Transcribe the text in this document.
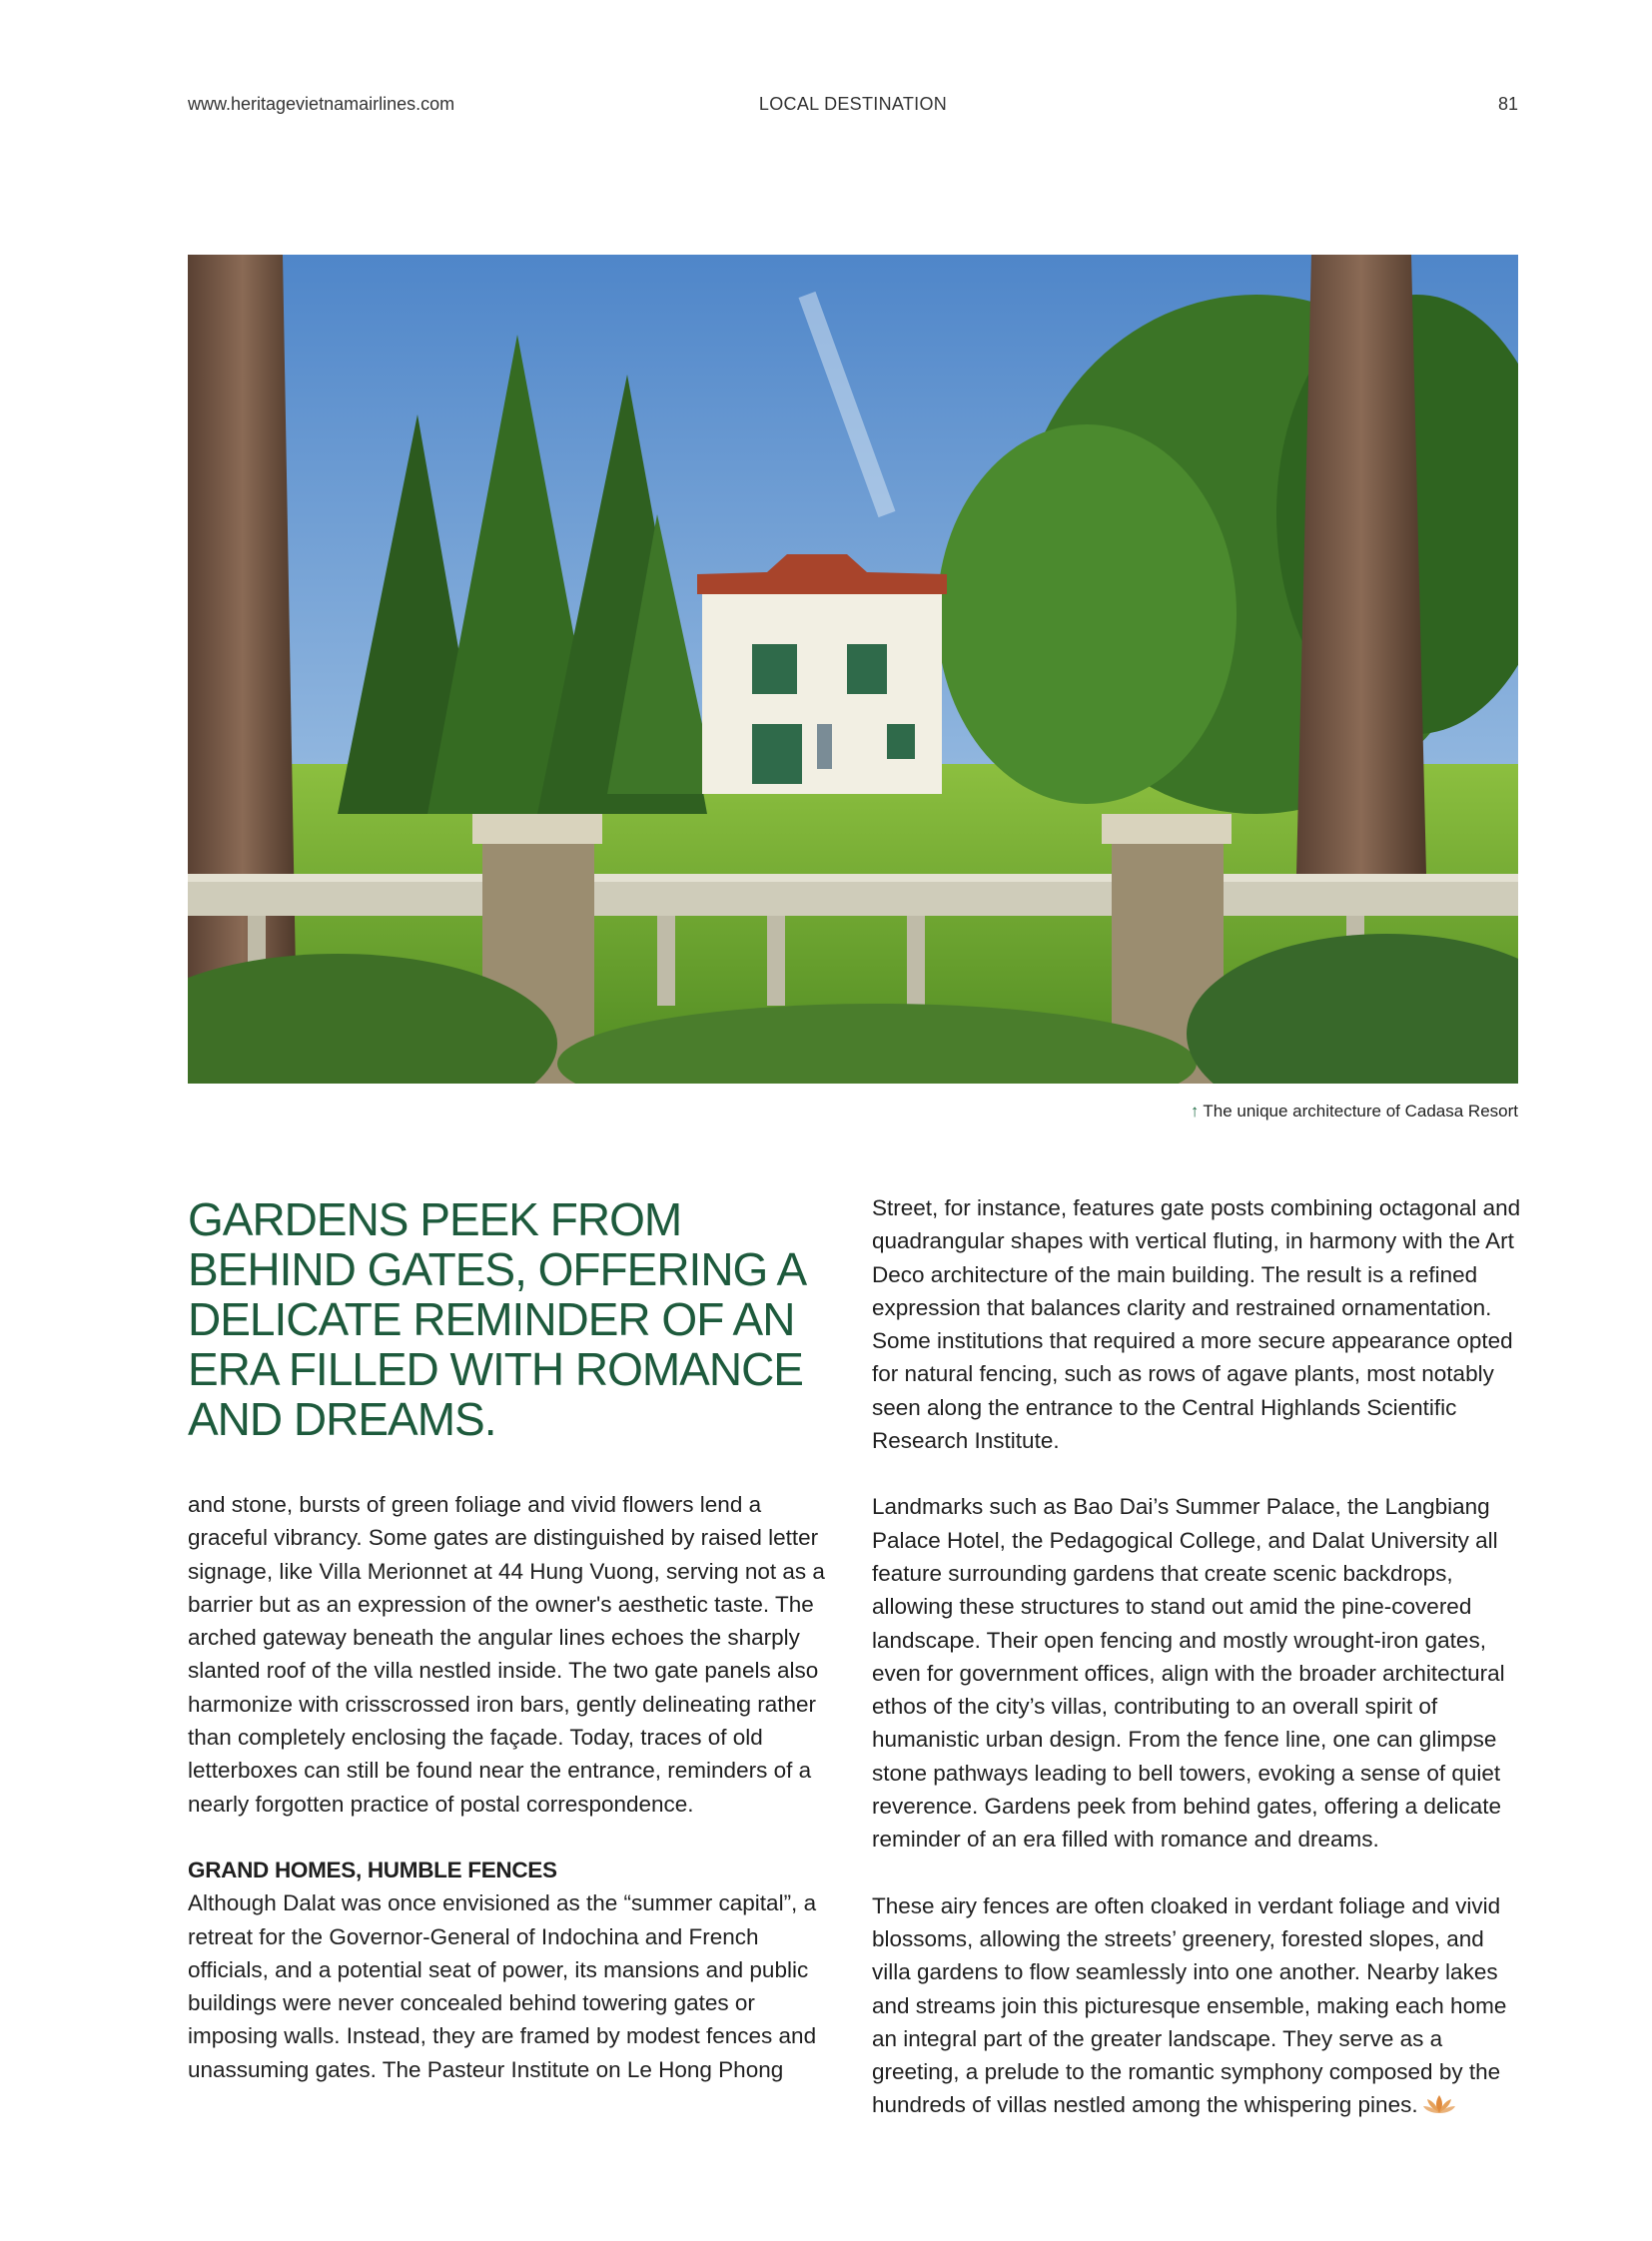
www.heritagevietnamairlines.com	LOCAL DESTINATION	81
↑ The unique architecture of Cadasa Resort
GARDENS PEEK FROM BEHIND GATES, OFFERING A DELICATE REMINDER OF AN ERA FILLED WITH ROMANCE AND DREAMS.

and stone, bursts of green foliage and vivid flowers lend a graceful vibrancy. Some gates are distinguished by raised letter signage, like Villa Merionnet at 44 Hung Vuong, serving not as a barrier but as an expression of the owner's aesthetic taste. The arched gateway beneath the angular lines echoes the sharply slanted roof of the villa nestled inside. The two gate panels also harmonize with crisscrossed iron bars, gently delineating rather than completely enclosing the façade. Today, traces of old letterboxes can still be found near the entrance, reminders of a nearly forgotten practice of postal correspondence.

GRAND HOMES, HUMBLE FENCES

Although Dalat was once envisioned as the “summer capital”, a retreat for the Governor-General of Indochina and French officials, and a potential seat of power, its mansions and public buildings were never concealed behind towering gates or imposing walls. Instead, they are framed by modest fences and unassuming gates. The Pasteur Institute on Le Hong Phong

Street, for instance, features gate posts combining octagonal and quadrangular shapes with vertical fluting, in harmony with the Art Deco architecture of the main building. The result is a refined expression that balances clarity and restrained ornamentation. Some institutions that required a more secure appearance opted for natural fencing, such as rows of agave plants, most notably seen along the entrance to the Central Highlands Scientific Research Institute.

Landmarks such as Bao Dai’s Summer Palace, the Langbiang Palace Hotel, the Pedagogical College, and Dalat University all feature surrounding gardens that create scenic backdrops, allowing these structures to stand out amid the pine-covered landscape. Their open fencing and mostly wrought-iron gates, even for government offices, align with the broader architectural ethos of the city’s villas, contributing to an overall spirit of humanistic urban design. From the fence line, one can glimpse stone pathways leading to bell towers, evoking a sense of quiet reverence. Gardens peek from behind gates, offering a delicate reminder of an era filled with romance and dreams.

These airy fences are often cloaked in verdant foliage and vivid blossoms, allowing the streets’ greenery, forested slopes, and villa gardens to flow seamlessly into one another. Nearby lakes and streams join this picturesque ensemble, making each home an integral part of the greater landscape. They serve as a greeting, a prelude to the romantic symphony composed by the hundreds of villas nestled among the whispering pines.
